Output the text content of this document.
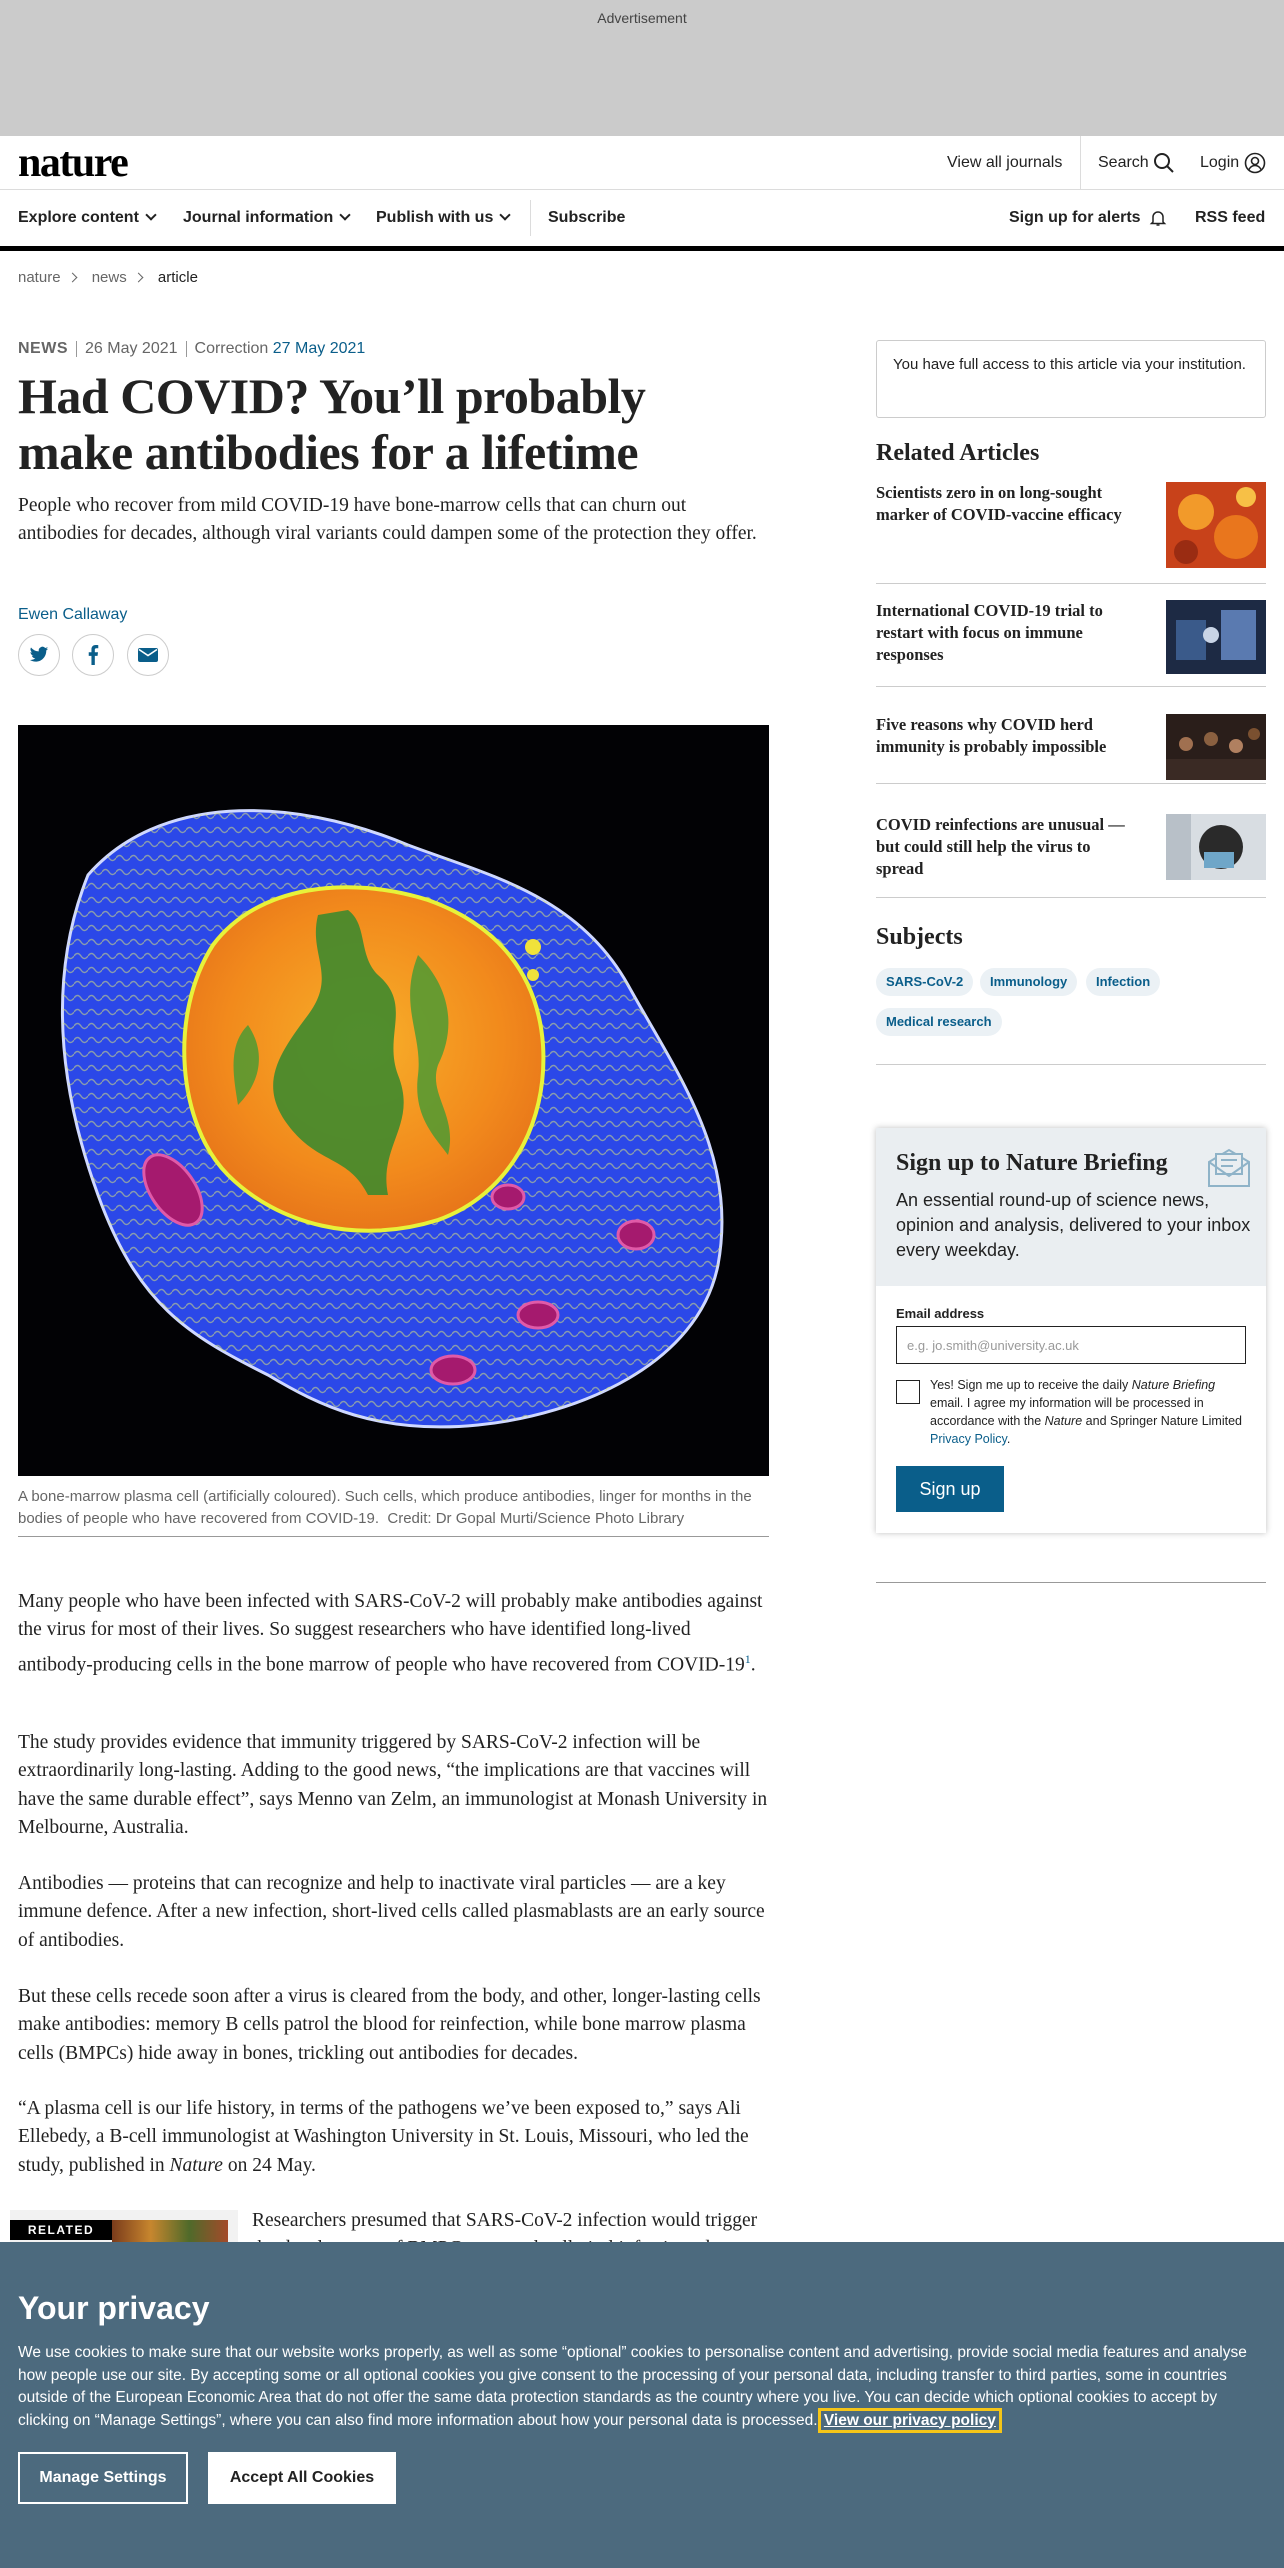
Advertisement
nature	View all journals Search	Login
Explore content	Journal information	Publish with us	Subscribe	Sign up for alerts	RSS feed
nature news article
NEWS 26 May 2021 Correction 27 May 2021
Had COVID? You’ll probably make antibodies for a lifetime

People who recover from mild COVID-19 have bone-marrow cells that can churn out antibodies for decades, although viral variants could dampen some of the protection they offer.

Ewen Callaway
A bone-marrow plasma cell (artificially coloured). Such cells, which produce antibodies, linger for months in the bodies of people who have recovered from COVID-19. Credit: Dr Gopal Murti/Science Photo Library

Many people who have been infected with SARS-CoV-2 will probably make antibodies against the virus for most of their lives. So suggest researchers who have identified long-lived antibody-producing cells in the bone marrow of people who have recovered from COVID-$19^1$.

The study provides evidence that immunity triggered by SARS-CoV-2 infection will be extraordinarily long-lasting. Adding to the good news, “the implications are that vaccines will have the same durable effect”, says Menno van Zelm, an immunologist at Monash University in Melbourne, Australia.

Antibodies — proteins that can recognize and help to inactivate viral particles — are a key immune defence. After a new infection, short-lived cells called plasmablasts are an early source of antibodies.

But these cells recede soon after a virus is cleared from the body, and other, longer-lasting cells make antibodies: memory B cells patrol the blood for reinfection, while bone marrow plasma cells (BMPCs) hide away in bones, trickling out antibodies for decades.

“A plasma cell is our life history, in terms of the pathogens we’ve been exposed to,” says Ali Ellebedy, a B-cell immunologist at Washington University in St. Louis, Missouri, who led the study, published in Nature on 24 May.

Researchers presumed that SARS-CoV-2 infection would trigger

RELATED
You have full access to this article via your institution.
Related Articles
Scientists zero in on long-sought marker of COVID-vaccine efficacy
International COVID-19 trial to restart with focus on immune responses
Five reasons why COVID herd immunity is probably impossible
COVID reinfections are unusual — but could still help the virus to spread
Subjects
SARS-CoV-2	Immunology	Infection
Medical research
Sign up to Nature Briefing

An essential round-up of science news, opinion and analysis, delivered to your inbox every weekday.

Email address
e.g. jo.smith@university.ac.uk

Yes! Sign me up to receive the daily Nature Briefing email. I agree my information will be processed in accordance with the Nature and Springer Nature Limited Privacy Policy.

Sign up
Your privacy

We use cookies to make sure that our website works properly, as well as some “optional” cookies to personalise content and advertising, provide social media features and analyse how people use our site. By accepting some or all optional cookies you give consent to the processing of your personal data, including transfer to third parties, some in countries outside of the European Economic Area that do not offer the same data protection standards as the country where you live. You can decide which optional cookies to accept by clicking on “Manage Settings”, where you can also find more information about how your personal data is processed. View our privacy policy

Manage Settings	Accept All Cookies
